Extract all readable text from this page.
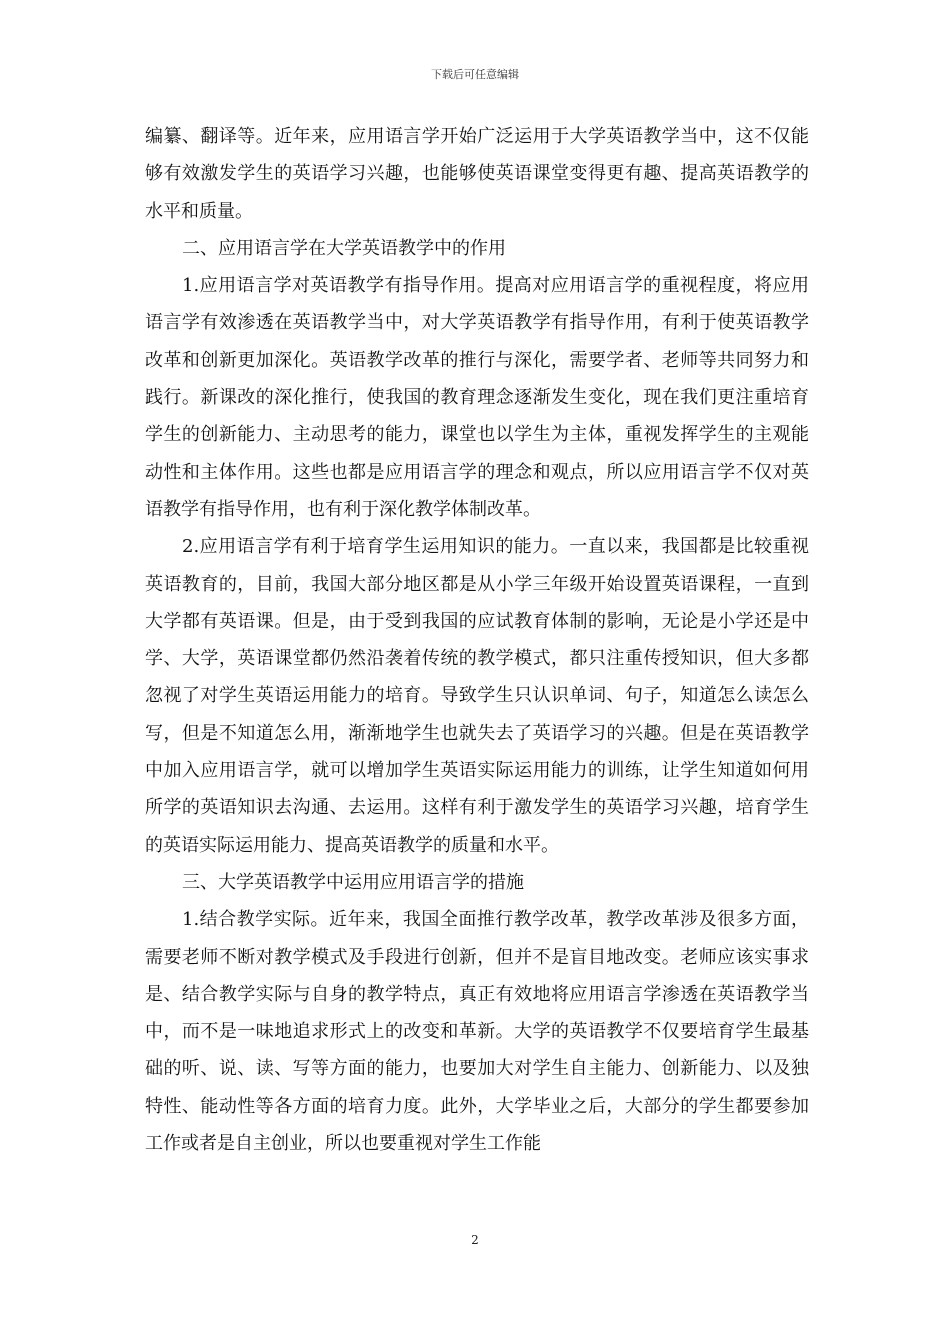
下载后可任意编辑

编纂、翻译等。近年来，应用语言学开始广泛运用于大学英语教学当中，这不仅能够有效激发学生的英语学习兴趣，也能够使英语课堂变得更有趣、提高英语教学的水平和质量。

二、应用语言学在大学英语教学中的作用

1.应用语言学对英语教学有指导作用。提高对应用语言学的重视程度，将应用语言学有效渗透在英语教学当中，对大学英语教学有指导作用，有利于使英语教学改革和创新更加深化。英语教学改革的推行与深化，需要学者、老师等共同努力和践行。新课改的深化推行，使我国的教育理念逐渐发生变化，现在我们更注重培育学生的创新能力、主动思考的能力，课堂也以学生为主体，重视发挥学生的主观能动性和主体作用。这些也都是应用语言学的理念和观点，所以应用语言学不仅对英语教学有指导作用，也有利于深化教学体制改革。

2.应用语言学有利于培育学生运用知识的能力。一直以来，我国都是比较重视英语教育的，目前，我国大部分地区都是从小学三年级开始设置英语课程，一直到大学都有英语课。但是，由于受到我国的应试教育体制的影响，无论是小学还是中学、大学，英语课堂都仍然沿袭着传统的教学模式，都只注重传授知识，但大多都忽视了对学生英语运用能力的培育。导致学生只认识单词、句子，知道怎么读怎么写，但是不知道怎么用，渐渐地学生也就失去了英语学习的兴趣。但是在英语教学中加入应用语言学，就可以增加学生英语实际运用能力的训练，让学生知道如何用所学的英语知识去沟通、去运用。这样有利于激发学生的英语学习兴趣，培育学生的英语实际运用能力、提高英语教学的质量和水平。

三、大学英语教学中运用应用语言学的措施

1.结合教学实际。近年来，我国全面推行教学改革，教学改革涉及很多方面，需要老师不断对教学模式及手段进行创新，但并不是盲目地改变。老师应该实事求是、结合教学实际与自身的教学特点，真正有效地将应用语言学渗透在英语教学当中，而不是一味地追求形式上的改变和革新。大学的英语教学不仅要培育学生最基础的听、说、读、写等方面的能力，也要加大对学生自主能力、创新能力、以及独特性、能动性等各方面的培育力度。此外，大学毕业之后，大部分的学生都要参加工作或者是自主创业，所以也要重视对学生工作能

2
